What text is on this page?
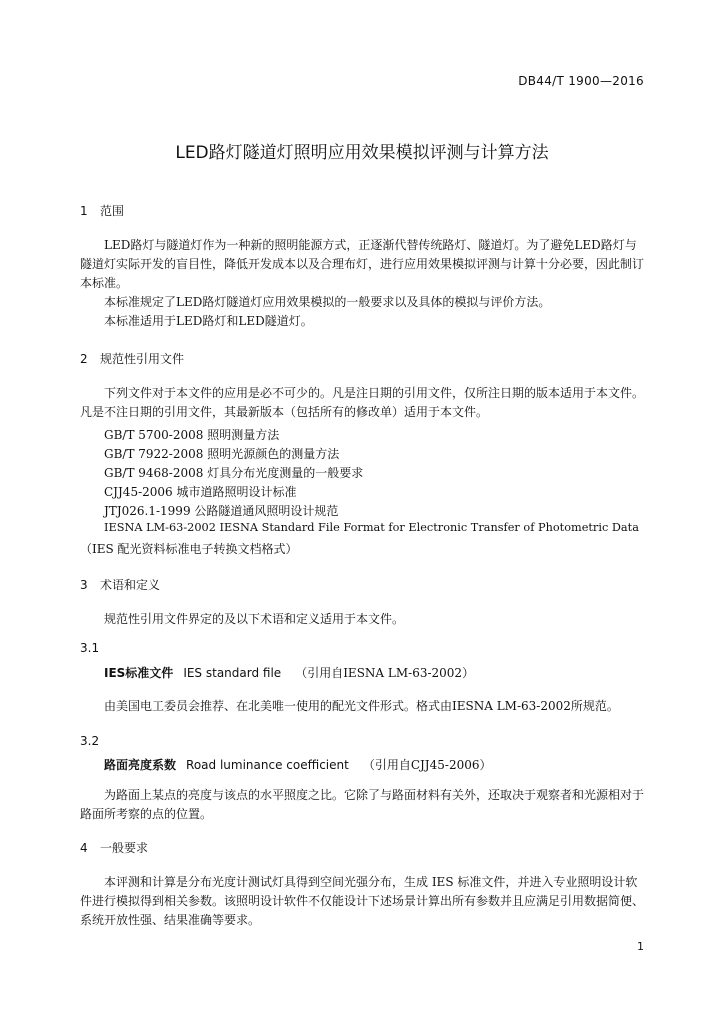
DB44/T 1900—2016
LED路灯隧道灯照明应用效果模拟评测与计算方法
1 范围
LED路灯与隧道灯作为一种新的照明能源方式，正逐渐代替传统路灯、隧道灯。为了避免LED路灯与隧道灯实际开发的盲目性，降低开发成本以及合理布灯，进行应用效果模拟评测与计算十分必要，因此制订本标准。
本标准规定了LED路灯隧道灯应用效果模拟的一般要求以及具体的模拟与评价方法。
本标准适用于LED路灯和LED隧道灯。
2 规范性引用文件
下列文件对于本文件的应用是必不可少的。凡是注日期的引用文件，仅所注日期的版本适用于本文件。凡是不注日期的引用文件，其最新版本（包括所有的修改单）适用于本文件。
GB/T 5700-2008 照明测量方法
GB/T 7922-2008 照明光源颜色的测量方法
GB/T 9468-2008 灯具分布光度测量的一般要求
CJJ45-2006 城市道路照明设计标准
JTJ026.1-1999 公路隧道通风照明设计规范
IESNA LM-63-2002 IESNA Standard File Format for Electronic Transfer of Photometric Data
（IES 配光资料标准电子转换文档格式）
3 术语和定义
规范性引用文件界定的及以下术语和定义适用于本文件。
3.1
IES标准文件 IES standard file （引用自IESNA LM-63-2002）
由美国电工委员会推荐、在北美唯一使用的配光文件形式。格式由IESNA LM-63-2002所规范。
3.2
路面亮度系数 Road luminance coefficient （引用自CJJ45-2006）
为路面上某点的亮度与该点的水平照度之比。它除了与路面材料有关外，还取决于观察者和光源相对于路面所考察的点的位置。
4 一般要求
本评测和计算是分布光度计测试灯具得到空间光强分布，生成 IES 标准文件，并进入专业照明设计软件进行模拟得到相关参数。该照明设计软件不仅能设计下述场景计算出所有参数并且应满足引用数据简便、系统开放性强、结果准确等要求。
1
